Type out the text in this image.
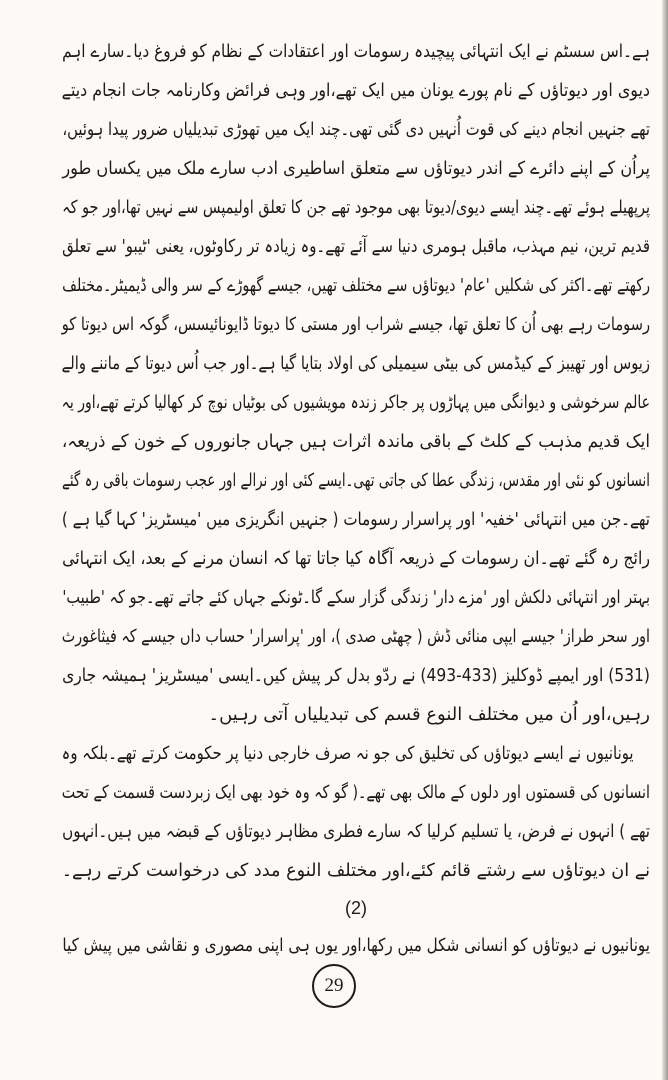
ہے۔اس سسٹم نے ایک انتہائی پیچیدہ رسومات اور اعتقادات کے نظام کو فروغ دیا۔سارے اہم
دیوی اور دیوتاؤں کے نام پورے یونان میں ایک تھے،اور وہی فرائض وکارنامہ جات انجام دیتے
تھے جنہیں انجام دینے کی قوت اُنہیں دی گئی تھی۔چند ایک میں تھوڑی تبدیلیاں ضرور پیدا ہوئیں،
پراُن کے اپنے دائرے کے اندر دیوتاؤں سے متعلق اساطیری ادب سارے ملک میں یکساں طور
پرپھیلے ہوئے تھے۔چند ایسے دیوی/دیوتا بھی موجود تھے جن کا تعلق اولیمپس سے نہیں تھا،اور جو کہ
قدیم ترین، نیم مہذب، ماقبل ہومری دنیا سے آئے تھے۔وہ زیادہ تر رکاوٹوں، یعنی 'ٹیبو' سے تعلق
رکھتے تھے۔اکثر کی شکلیں 'عام' دیوتاؤں سے مختلف تھیں، جیسے گھوڑے کے سر والی ڈیمیٹر۔مختلف
رسومات رہے بھی اُن کا تعلق تھا، جیسے شراب اور مستی کا دیوتا ڈایونائیسس، گوکہ اس دیوتا کو
زیوس اور تھیبز کے کیڈمس کی بیٹی سیمیلی کی اولاد بتایا گیا ہے۔اور جب اُس دیوتا کے ماننے والے
عالم سرخوشی و دیوانگی میں پہاڑوں پر جاکر زندہ مویشیوں کی بوٹیاں نوچ کر کھالیا کرتے تھے،اور یہ
ایک قدیم مذہب کے کلٹ کے باقی ماندہ اثرات ہیں جہاں جانوروں کے خون کے ذریعہ،
انسانوں کو نئی اور مقدس، زندگی عطا کی جاتی تھی۔ایسے کئی اور نرالے اور عجب رسومات باقی رہ گئے
تھے۔جن میں انتہائی 'خفیہ' اور پراسرار رسومات ( جنہیں انگریزی میں 'میسٹریز' کہا گیا ہے )
رائج رہ گئے تھے۔ان رسومات کے ذریعہ آگاہ کیا جاتا تھا کہ انسان مرنے کے بعد، ایک انتہائی
بہتر اور انتہائی دلکش اور 'مزے دار' زندگی گزار سکے گا۔ٹونکے جہاں کئے جاتے تھے۔جو کہ 'طبیب'
اور سحر طراز' جیسے ایپی منائی ڈش ( چھٹی صدی )، اور 'پراسرار' حساب داں جیسے کہ فیثاغورث
(531) اور ایمپے ڈوکلیز (433-493) نے ردّو بدل کر پیش کیں۔ایسی 'میسٹریز' ہمیشہ جاری
رہیں،اور اُن میں مختلف النوع قسم کی تبدیلیاں آتی رہیں۔
یونانیوں نے ایسے دیوتاؤں کی تخلیق کی جو نہ صرف خارجی دنیا پر حکومت کرتے تھے۔بلکہ وہ
انسانوں کی قسمتوں اور دلوں کے مالک بھی تھے۔( گو کہ وہ خود بھی ایک زبردست قسمت کے تحت
تھے ) انہوں نے فرض، یا تسلیم کرلیا کہ سارے فطری مظاہر دیوتاؤں کے قبضہ میں ہیں۔انہوں
نے ان دیوتاؤں سے رشتے قائم کئے،اور مختلف النوع مدد کی درخواست کرتے رہے۔
(2)
یونانیوں نے دیوتاؤں کو انسانی شکل میں رکھا،اور یوں ہی اپنی مصوری و نقاشی میں پیش کیا
29
